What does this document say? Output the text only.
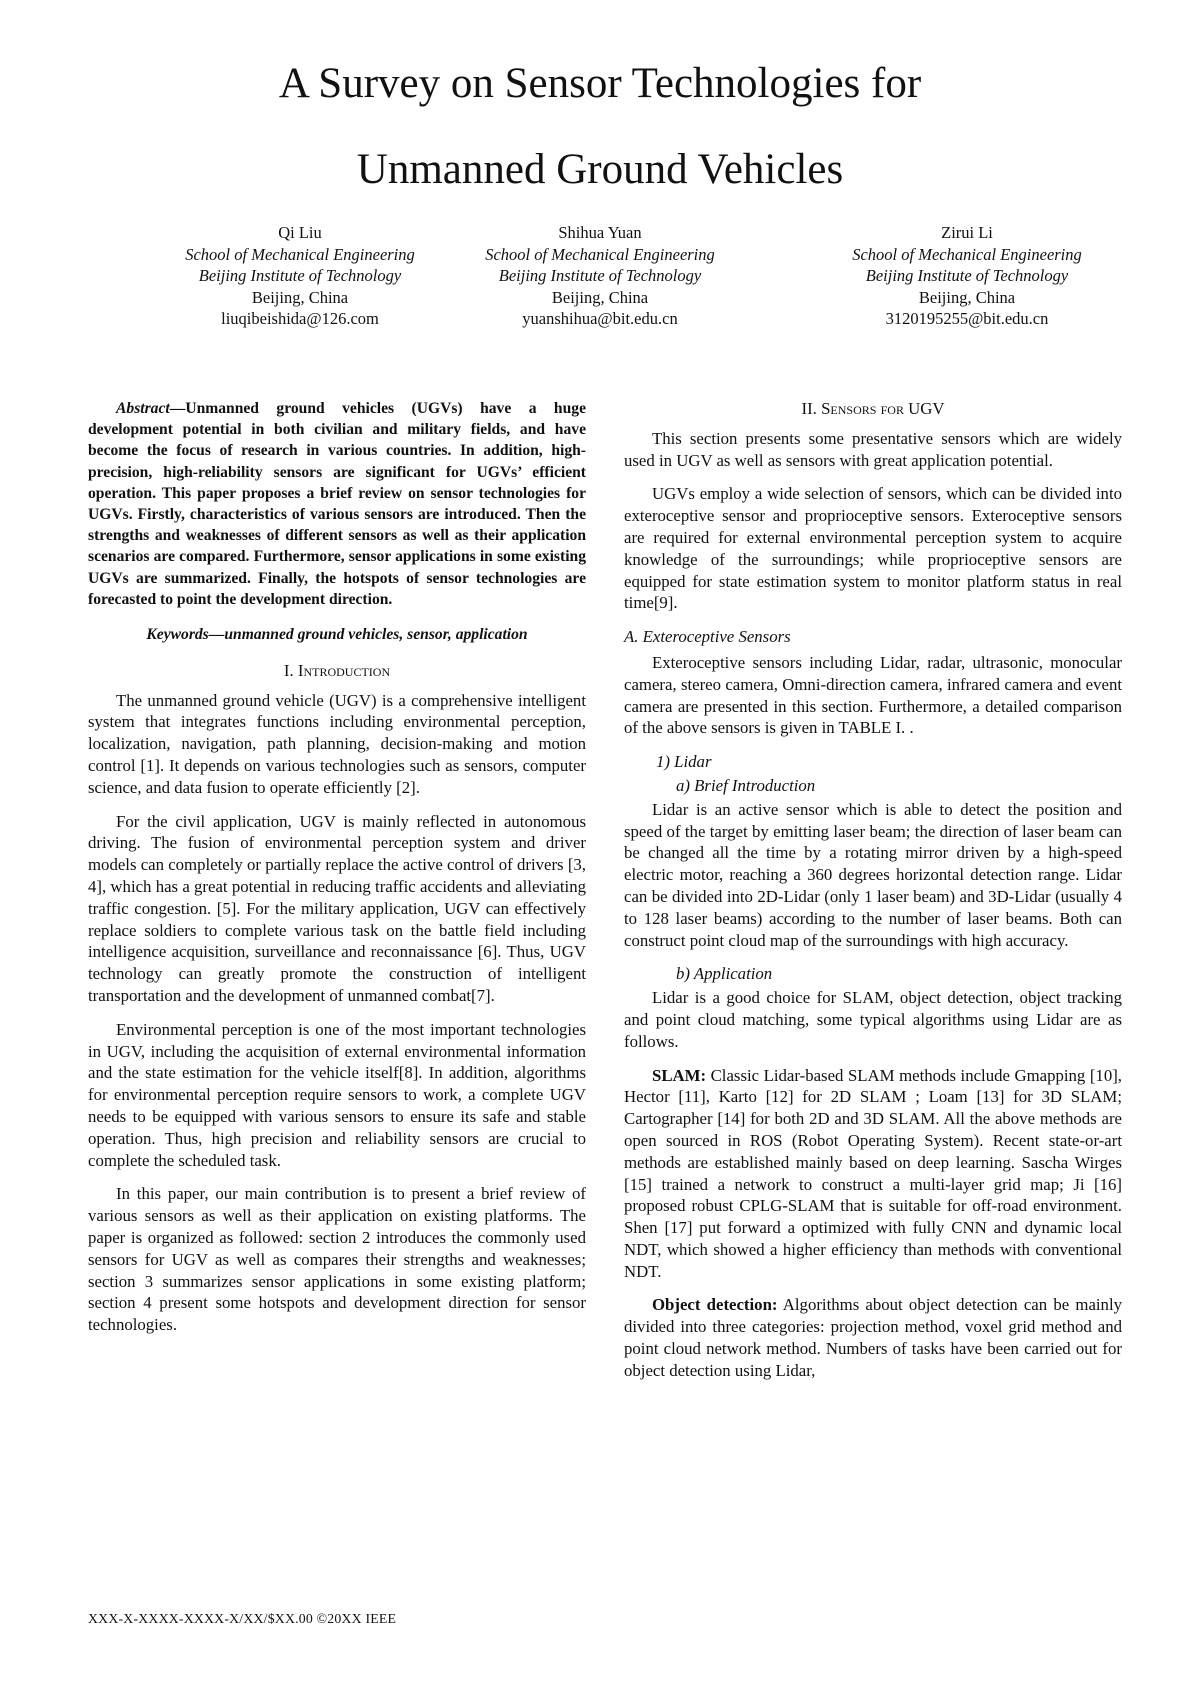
A Survey on Sensor Technologies for
Unmanned Ground Vehicles
Qi Liu
School of Mechanical Engineering
Beijing Institute of Technology
Beijing, China
liuqibeishida@126.com
Shihua Yuan
School of Mechanical Engineering
Beijing Institute of Technology
Beijing, China
yuanshihua@bit.edu.cn
Zirui Li
School of Mechanical Engineering
Beijing Institute of Technology
Beijing, China
3120195255@bit.edu.cn

Abstract—Unmanned ground vehicles (UGVs) have a huge development potential in both civilian and military fields, and have become the focus of research in various countries. In addition, high-precision, high-reliability sensors are significant for UGVs’ efficient operation. This paper proposes a brief review on sensor technologies for UGVs. Firstly, characteristics of various sensors are introduced. Then the strengths and weaknesses of different sensors as well as their application scenarios are compared. Furthermore, sensor applications in some existing UGVs are summarized. Finally, the hotspots of sensor technologies are forecasted to point the development direction.

Keywords—unmanned ground vehicles, sensor, application

I. Introduction

The unmanned ground vehicle (UGV) is a comprehensive intelligent system that integrates functions including environmental perception, localization, navigation, path planning, decision-making and motion control [1]. It depends on various technologies such as sensors, computer science, and data fusion to operate efficiently [2].

For the civil application, UGV is mainly reflected in autonomous driving. The fusion of environmental perception system and driver models can completely or partially replace the active control of drivers [3, 4], which has a great potential in reducing traffic accidents and alleviating traffic congestion. [5]. For the military application, UGV can effectively replace soldiers to complete various task on the battle field including intelligence acquisition, surveillance and reconnaissance [6]. Thus, UGV technology can greatly promote the construction of intelligent transportation and the development of unmanned combat[7].

Environmental perception is one of the most important technologies in UGV, including the acquisition of external environmental information and the state estimation for the vehicle itself[8]. In addition, algorithms for environmental perception require sensors to work, a complete UGV needs to be equipped with various sensors to ensure its safe and stable operation. Thus, high precision and reliability sensors are crucial to complete the scheduled task.

In this paper, our main contribution is to present a brief review of various sensors as well as their application on existing platforms. The paper is organized as followed: section 2 introduces the commonly used sensors for UGV as well as compares their strengths and weaknesses; section 3 summarizes sensor applications in some existing platform; section 4 present some hotspots and development direction for sensor technologies.

II. Sensors for UGV

This section presents some presentative sensors which are widely used in UGV as well as sensors with great application potential.

UGVs employ a wide selection of sensors, which can be divided into exteroceptive sensor and proprioceptive sensors. Exteroceptive sensors are required for external environmental perception system to acquire knowledge of the surroundings; while proprioceptive sensors are equipped for state estimation system to monitor platform status in real time[9].

A. Exteroceptive Sensors

Exteroceptive sensors including Lidar, radar, ultrasonic, monocular camera, stereo camera, Omni-direction camera, infrared camera and event camera are presented in this section. Furthermore, a detailed comparison of the above sensors is given in TABLE I. .

1) Lidar
a) Brief Introduction

Lidar is an active sensor which is able to detect the position and speed of the target by emitting laser beam; the direction of laser beam can be changed all the time by a rotating mirror driven by a high-speed electric motor, reaching a 360 degrees horizontal detection range. Lidar can be divided into 2D-Lidar (only 1 laser beam) and 3D-Lidar (usually 4 to 128 laser beams) according to the number of laser beams. Both can construct point cloud map of the surroundings with high accuracy.

b) Application

Lidar is a good choice for SLAM, object detection, object tracking and point cloud matching, some typical algorithms using Lidar are as follows.

SLAM: Classic Lidar-based SLAM methods include Gmapping [10], Hector [11], Karto [12] for 2D SLAM ; Loam [13] for 3D SLAM; Cartographer [14] for both 2D and 3D SLAM. All the above methods are open sourced in ROS (Robot Operating System). Recent state-or-art methods are established mainly based on deep learning. Sascha Wirges [15] trained a network to construct a multi-layer grid map; Ji [16] proposed robust CPLG-SLAM that is suitable for off-road environment. Shen [17] put forward a optimized with fully CNN and dynamic local NDT, which showed a higher efficiency than methods with conventional NDT.

Object detection: Algorithms about object detection can be mainly divided into three categories: projection method, voxel grid method and point cloud network method. Numbers of tasks have been carried out for object detection using Lidar,

XXX-X-XXXX-XXXX-X/XX/$XX.00 ©20XX IEEE
